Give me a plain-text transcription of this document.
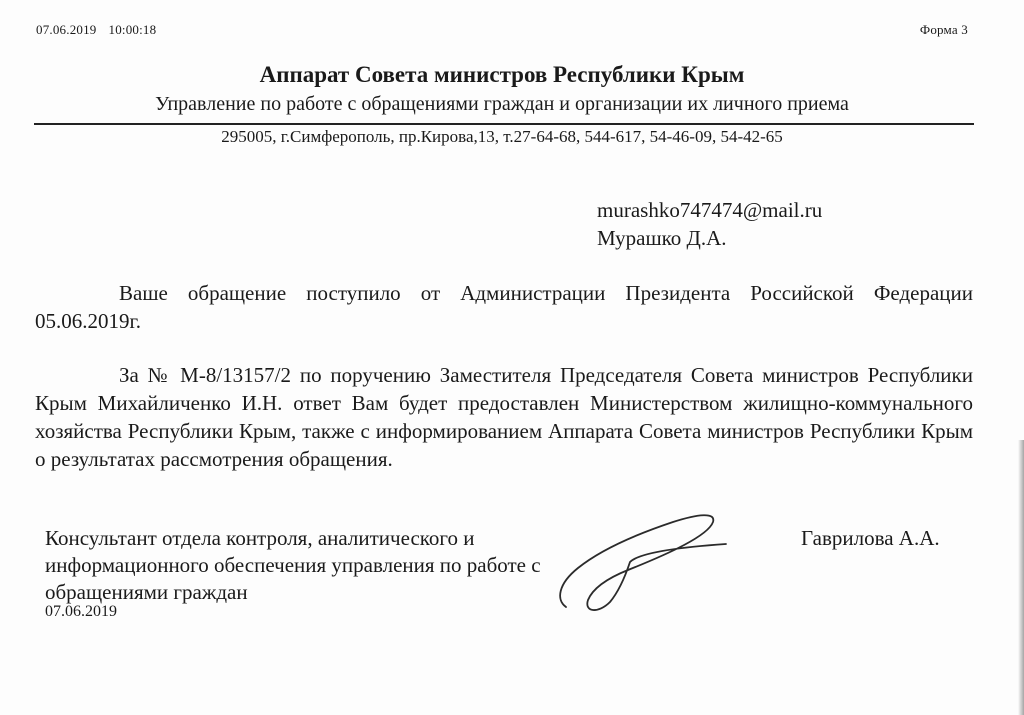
07.06.2019 10:00:18	Форма 3
Аппарат Совета министров Республики Крым
Управление по работе с обращениями граждан и организации их личного приема
295005, г.Симферополь, пр.Кирова,13, т.27-64-68, 544-617, 54-46-09, 54-42-65
murashko747474@mail.ru
Мурашко Д.А.
Ваше обращение поступило от Администрации Президента Российской Федерации 05.06.2019г.
За № М-8/13157/2 по поручению Заместителя Председателя Совета министров Республики Крым Михайличенко И.Н. ответ Вам будет предоставлен Министерством жилищно-коммунального хозяйства Республики Крым, также с информированием Аппарата Совета министров Республики Крым о результатах рассмотрения обращения.
Консультант отдела контроля, аналитического и информационного обеспечения управления по работе с обращениями граждан
07.06.2019
Гаврилова А.А.
